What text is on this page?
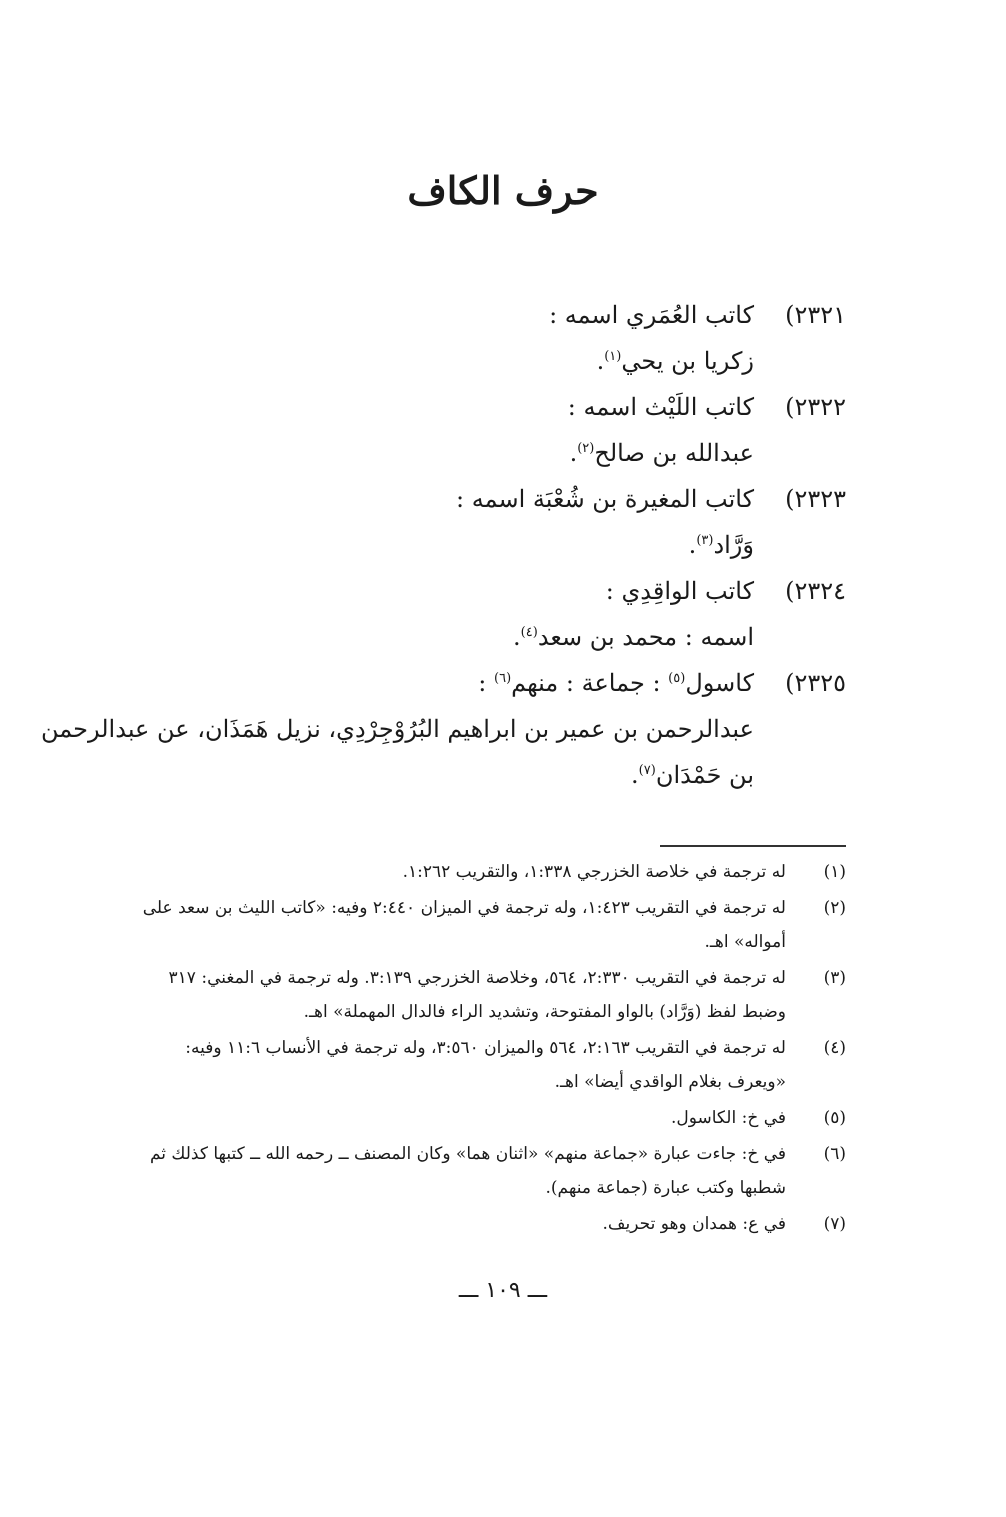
حرف الكاف
٢٣٢١)
كاتب العُمَري اسمه :
زكريا بن يحي$^{(١)}$.
٢٣٢٢)
كاتب اللَيْث اسمه :
عبدالله بن صالح$^{(٢)}$.
٢٣٢٣)
كاتب المغيرة بن شُعْبَة اسمه :
وَرَّاد$^{(٣)}$.
٢٣٢٤)
كاتب الواقِدِي :
اسمه : محمد بن سعد$^{(٤)}$.
٢٣٢٥)
كاسول$^{(٥)}$ : جماعة : منهم$^{(٦)}$ :
عبدالرحمن بن عمير بن ابراهيم البُرُوْجِرْدِي، نزيل هَمَذَان، عن عبدالرحمن بن حَمْدَان$^{(٧)}$.
(١)
له ترجمة في خلاصة الخزرجي ١:٣٣٨، والتقريب ١:٢٦٢.
(٢)
له ترجمة في التقريب ١:٤٢٣، وله ترجمة في الميزان ٢:٤٤٠ وفيه: «كاتب الليث بن سعد على أمواله» اهـ.
(٣)
له ترجمة في التقريب ٢:٣٣٠، ٥٦٤، وخلاصة الخزرجي ٣:١٣٩. وله ترجمة في المغني: ٣١٧ وضبط لفظ (وَرَّاد) بالواو المفتوحة، وتشديد الراء فالدال المهملة» اهـ.
(٤)
له ترجمة في التقريب ٢:١٦٣، ٥٦٤ والميزان ٣:٥٦٠، وله ترجمة في الأنساب ١١:٦ وفيه: «ويعرف بغلام الواقدي أيضا» اهـ.
(٥)
في خ: الكاسول.
(٦)
في خ: جاءت عبارة «جماعة منهم» «اثنان هما» وكان المصنف ــ رحمه الله ــ كتبها كذلك ثم شطبها وكتب عبارة (جماعة منهم).
(٧)
في ع: همدان وهو تحريف.
ـــ ١٠٩ ـــ
